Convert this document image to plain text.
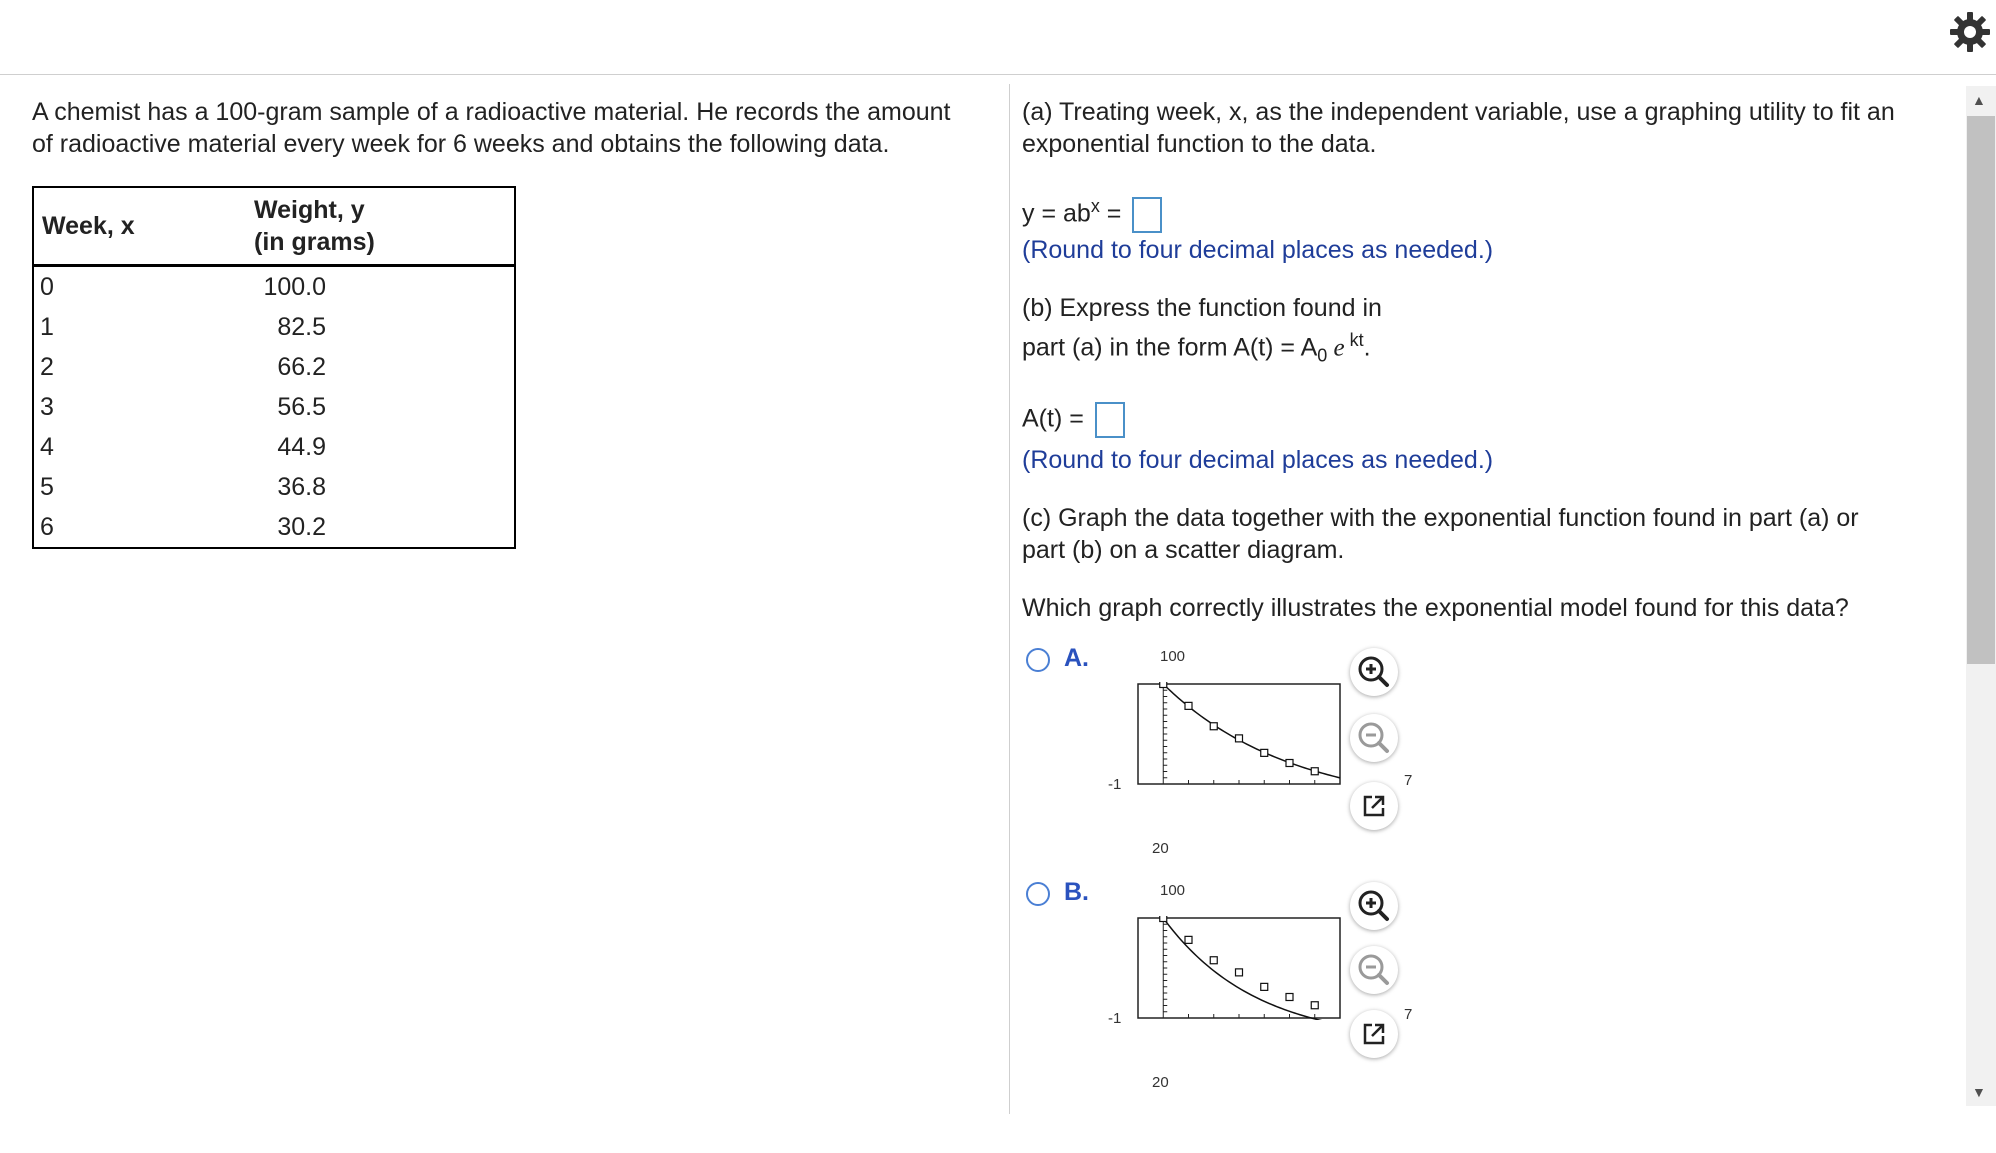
A chemist has a 100-gram sample of a radioactive material. He records the amount

of radioactive material every week for 6 weeks and obtains the following data.

Week, x	Weight, y
(in grams)
0	100.0
1	82.5
2	66.2
3	56.5
4	44.9
5	36.8
6	30.2
(a) Treating week, x, as the independent variable, use a graphing utility to fit an
exponential function to the data.
$y = ab^x$ =
(Round to four decimal places as needed.)
(b) Express the function found in
part (a) in the form $A(t) = A_0$ e $^{kt}$.
A(t) =
(Round to four decimal places as needed.)
(c) Graph the data together with the exponential function found in part (a) or
part (b) on a scatter diagram.
Which graph correctly illustrates the exponential model found for this data?
A.	100
-1	7
20
B.	100
-1	7
20
▲
▼
